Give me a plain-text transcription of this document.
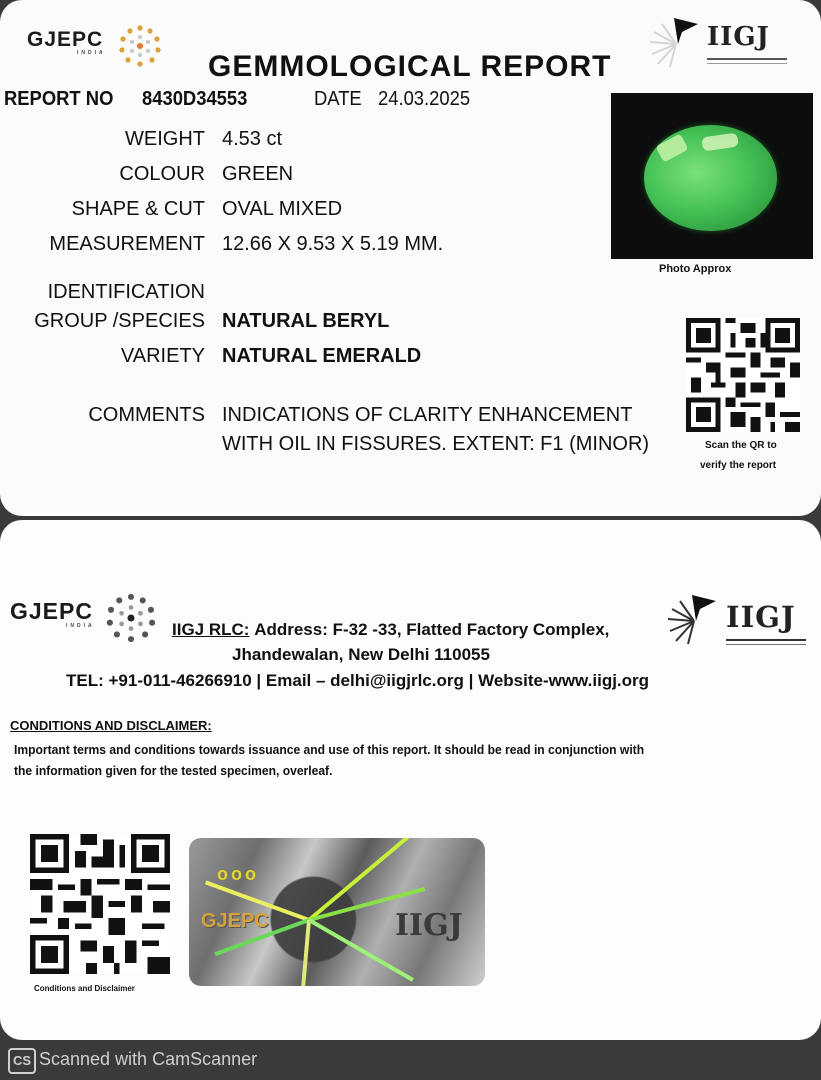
GJEPC
INDIA
IIGJ
GEMMOLOGICAL REPORT
REPORT NO 8430D34553	DATE 24.03.2025
WEIGHT 4.53 ct
COLOUR GREEN
SHAPE & CUT OVAL MIXED
MEASUREMENT 12.66 X 9.53 X 5.19 MM.
IDENTIFICATION
GROUP /SPECIES NATURAL BERYL
VARIETY NATURAL EMERALD
COMMENTS INDICATIONS OF CLARITY ENHANCEMENT
WITH OIL IN FISSURES. EXTENT: F1 (MINOR)
Photo Approx
Scan the QR to
verify the report
GJEPC
INDIA	IIGJ
IIGJ RLC: Address: F-32 -33, Flatted Factory Complex,
Jhandewalan, New Delhi 110055
TEL: +91-011-46266910 | Email – delhi@iigjrlc.org | Website-www.iigj.org
CONDITIONS AND DISCLAIMER:
Important terms and conditions towards issuance and use of this report. It should be read in conjunction with
the information given for the tested specimen, overleaf.
Conditions and Disclaimer
ooo
GJEPC	IIGJ
CS Scanned with CamScanner
